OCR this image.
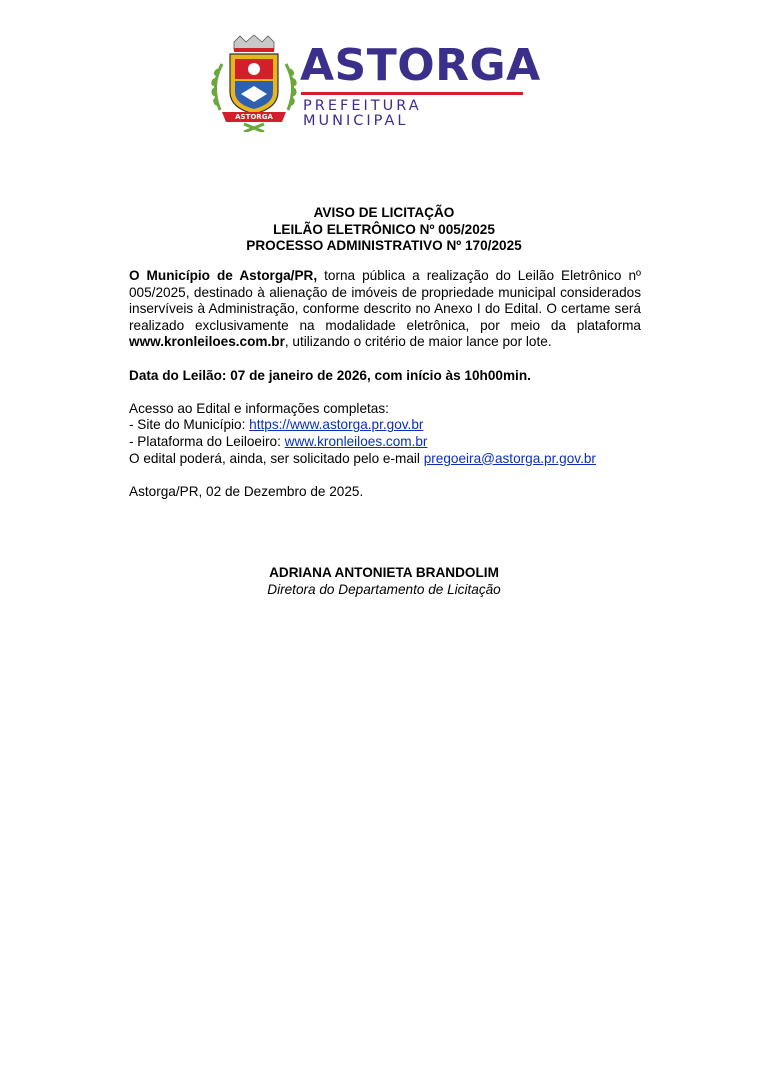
ASTORGA
ASTORGA
PREFEITURA MUNICIPAL
AVISO DE LICITAÇÃO
LEILÃO ELETRÔNICO Nº 005/2025
PROCESSO ADMINISTRATIVO Nº 170/2025

O Município de Astorga/PR, torna pública a realização do Leilão Eletrônico nº 005/2025, destinado à alienação de imóveis de propriedade municipal considerados inservíveis à Administração, conforme descrito no Anexo I do Edital. O certame será realizado exclusivamente na modalidade eletrônica, por meio da plataforma www.kronleiloes.com.br, utilizando o critério de maior lance por lote.

Data do Leilão: 07 de janeiro de 2026, com início às 10h00min.

Acesso ao Edital e informações completas:

- Site do Município: https://www.astorga.pr.gov.br

- Plataforma do Leiloeiro: www.kronleiloes.com.br

O edital poderá, ainda, ser solicitado pelo e-mail pregoeira@astorga.pr.gov.br

Astorga/PR, 02 de Dezembro de 2025.

ADRIANA ANTONIETA BRANDOLIM
Diretora do Departamento de Licitação
